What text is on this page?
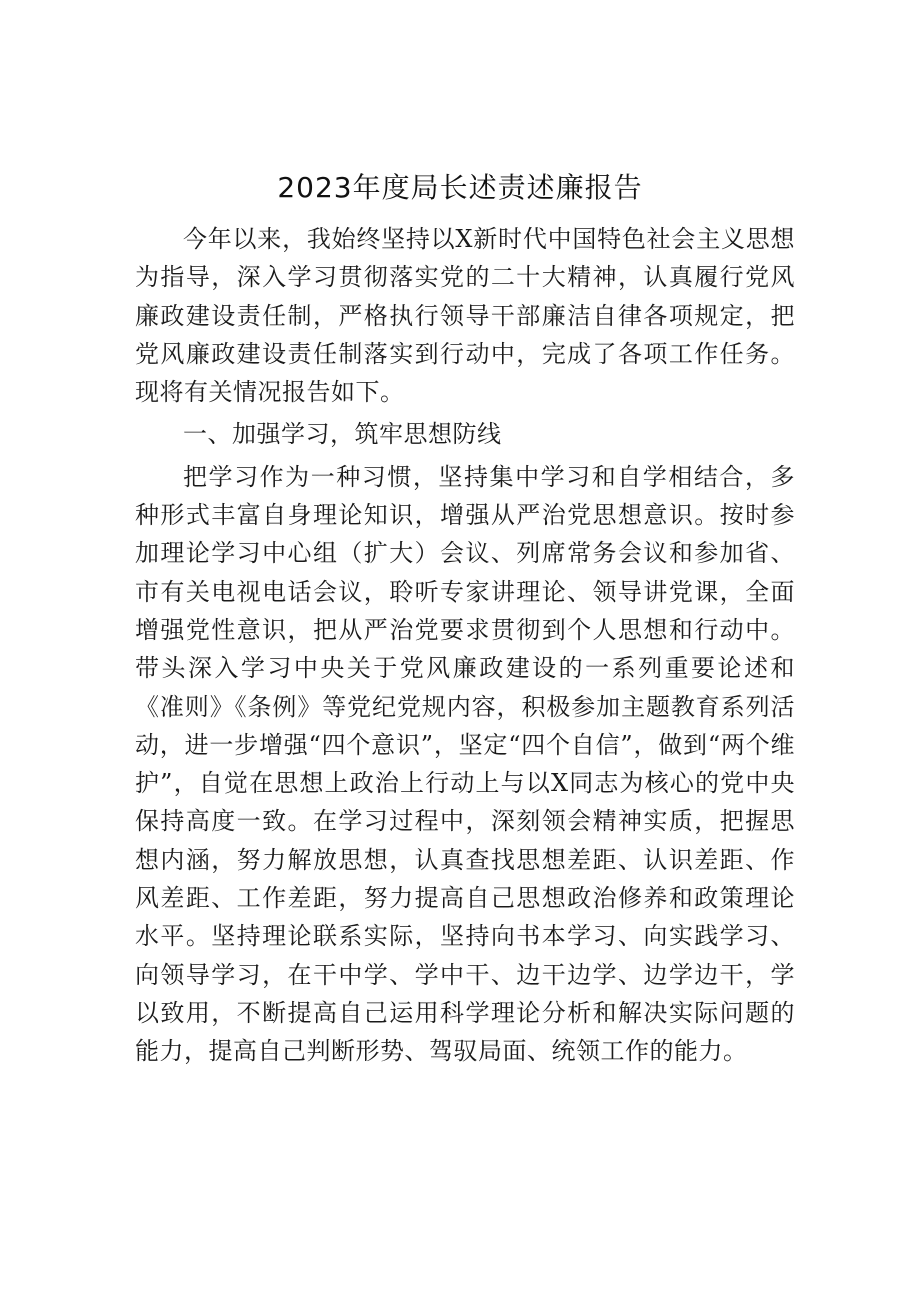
2023年度局长述责述廉报告

今年以来，我始终坚持以X新时代中国特色社会主义思想为指导，深入学习贯彻落实党的二十大精神，认真履行党风廉政建设责任制，严格执行领导干部廉洁自律各项规定，把党风廉政建设责任制落实到行动中，完成了各项工作任务。现将有关情况报告如下。

一、加强学习，筑牢思想防线

把学习作为一种习惯，坚持集中学习和自学相结合，多种形式丰富自身理论知识，增强从严治党思想意识。按时参加理论学习中心组（扩大）会议、列席常务会议和参加省、市有关电视电话会议，聆听专家讲理论、领导讲党课，全面增强党性意识，把从严治党要求贯彻到个人思想和行动中。带头深入学习中央关于党风廉政建设的一系列重要论述和《准则》《条例》等党纪党规内容，积极参加主题教育系列活动，进一步增强“四个意识”，坚定“四个自信”，做到“两个维护”，自觉在思想上政治上行动上与以X同志为核心的党中央保持高度一致。在学习过程中，深刻领会精神实质，把握思想内涵，努力解放思想，认真查找思想差距、认识差距、作风差距、工作差距，努力提高自己思想政治修养和政策理论水平。坚持理论联系实际，坚持向书本学习、向实践学习、向领导学习，在干中学、学中干、边干边学、边学边干，学以致用，不断提高自己运用科学理论分析和解决实际问题的能力，提高自己判断形势、驾驭局面、统领工作的能力。
